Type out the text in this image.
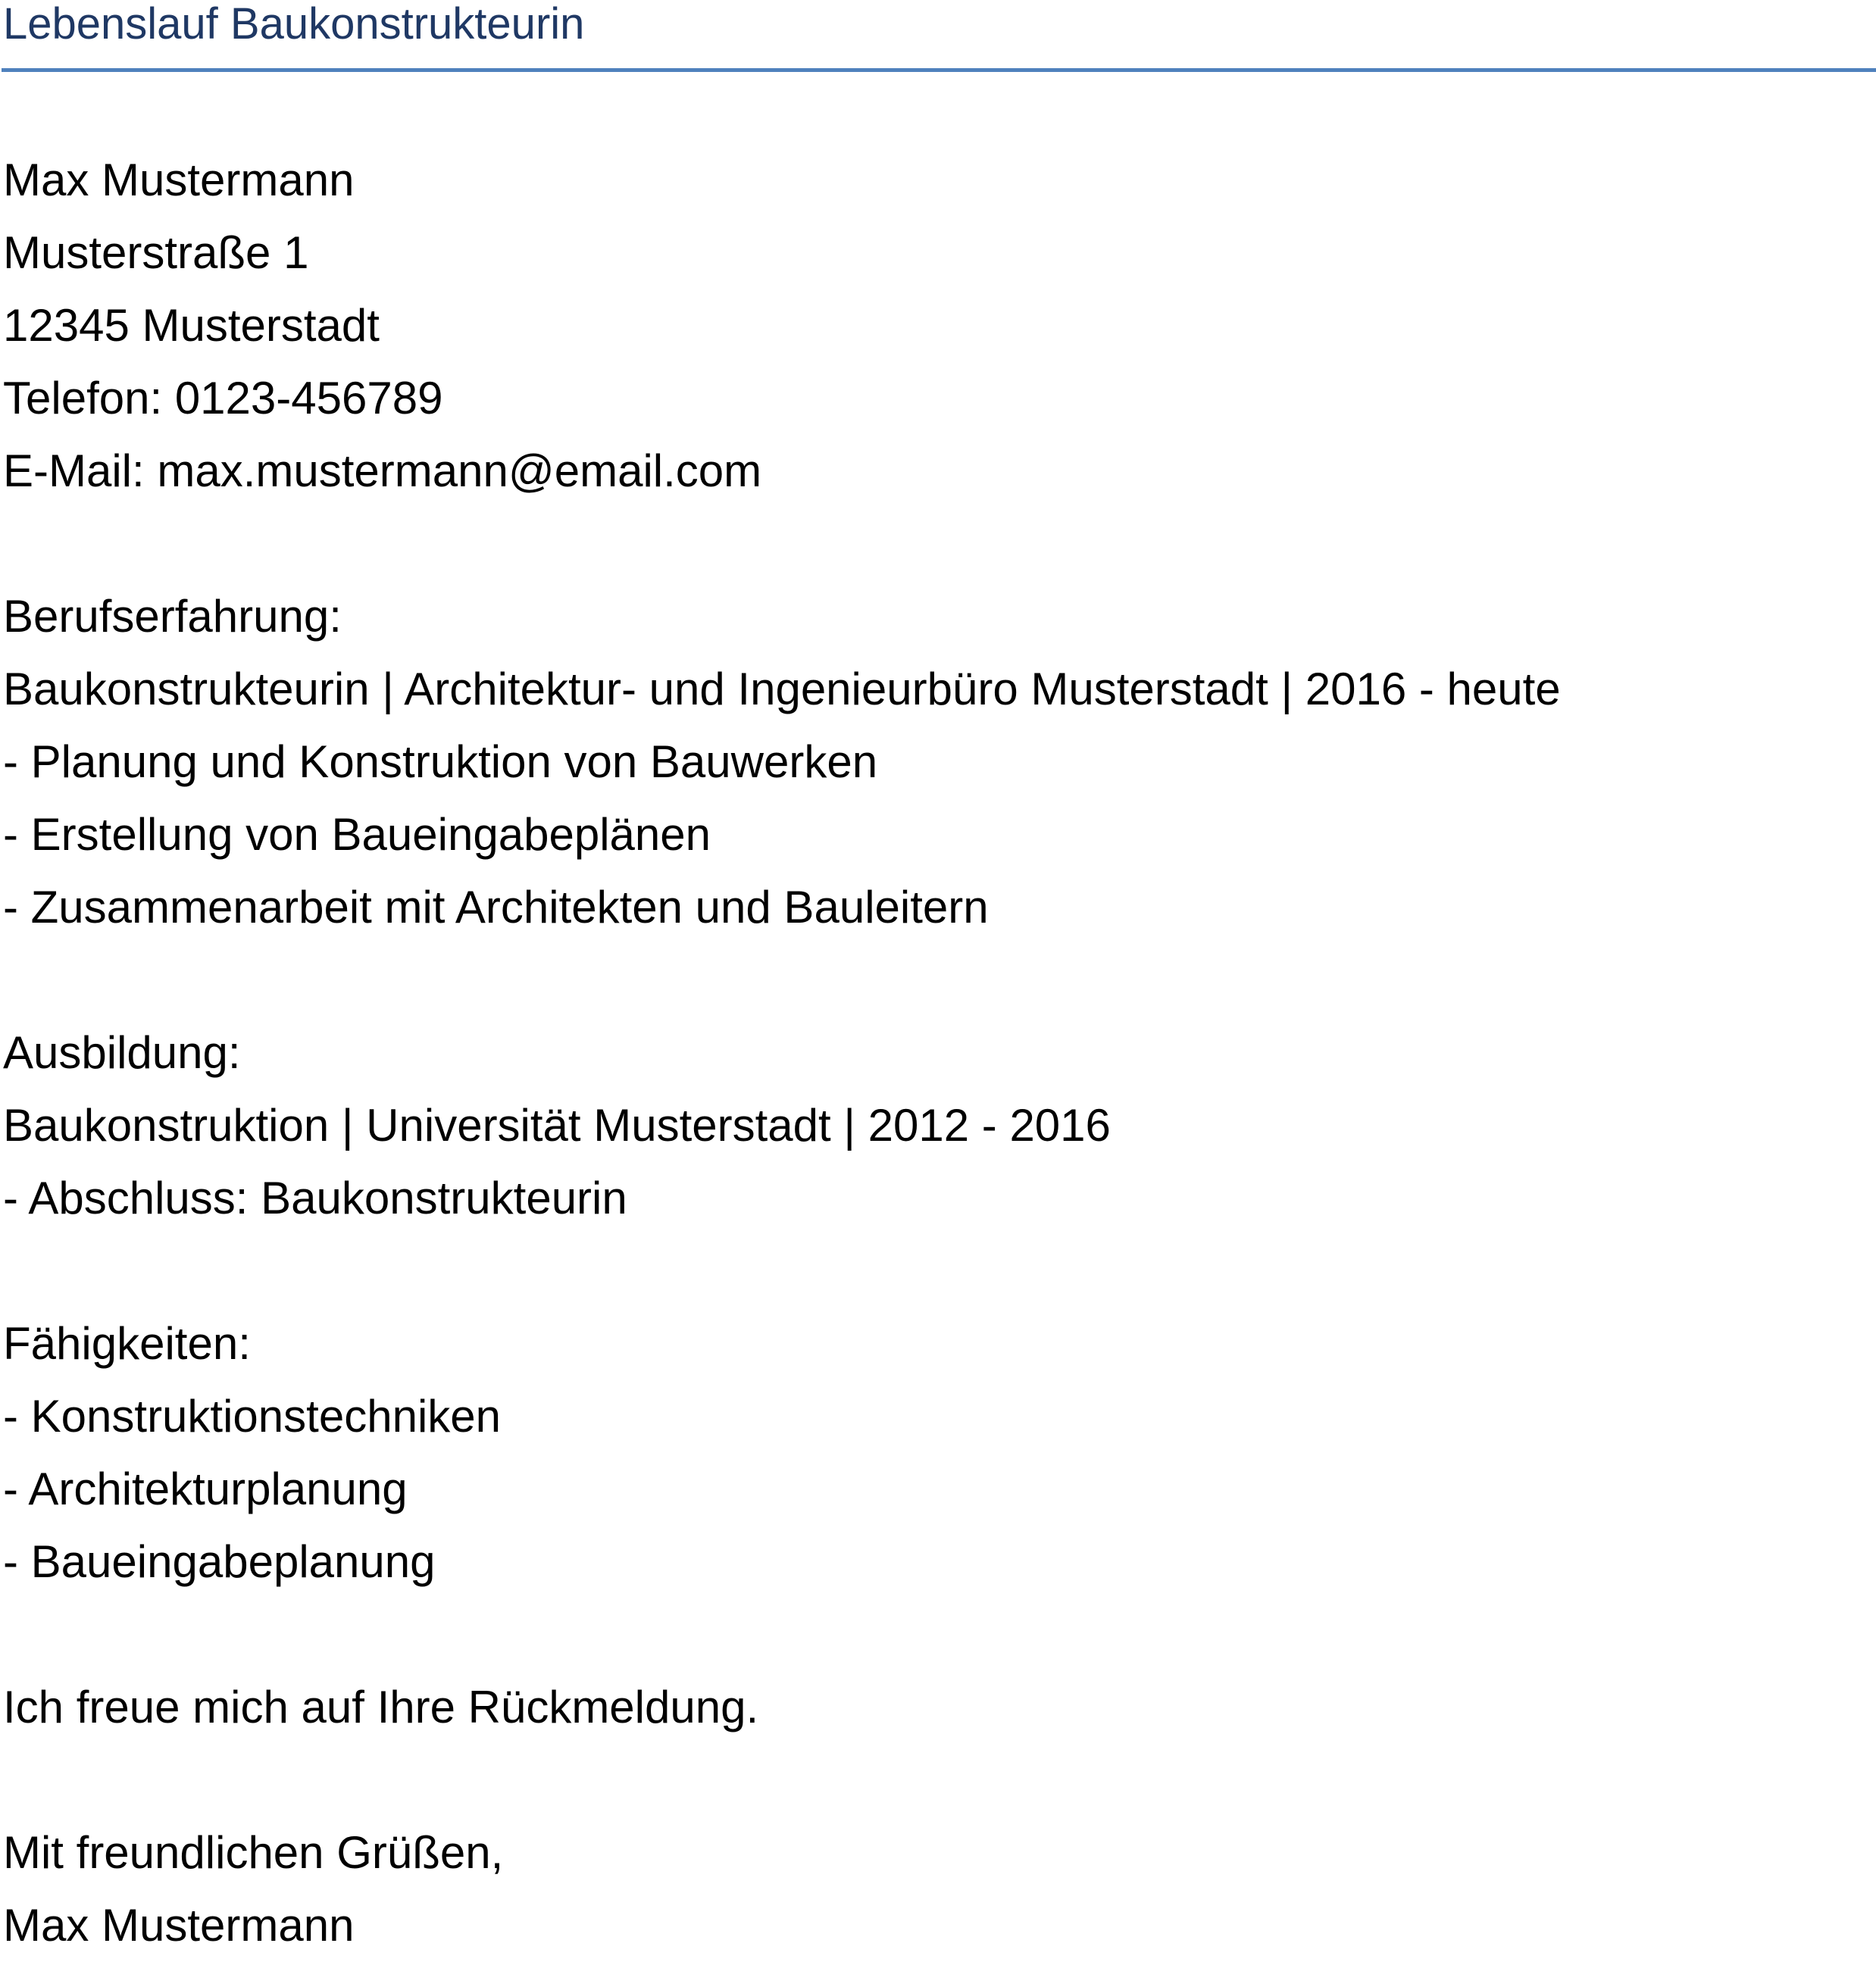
Lebenslauf Baukonstrukteurin
Max Mustermann
Musterstraße 1
12345 Musterstadt
Telefon: 0123-456789
E-Mail: max.mustermann@email.com
Berufserfahrung:
Baukonstrukteurin | Architektur- und Ingenieurbüro Musterstadt | 2016 - heute
- Planung und Konstruktion von Bauwerken
- Erstellung von Baueingabeplänen
- Zusammenarbeit mit Architekten und Bauleitern
Ausbildung:
Baukonstruktion | Universität Musterstadt | 2012 - 2016
- Abschluss: Baukonstrukteurin
Fähigkeiten:
- Konstruktionstechniken
- Architekturplanung
- Baueingabeplanung
Ich freue mich auf Ihre Rückmeldung.
Mit freundlichen Grüßen,
Max Mustermann
